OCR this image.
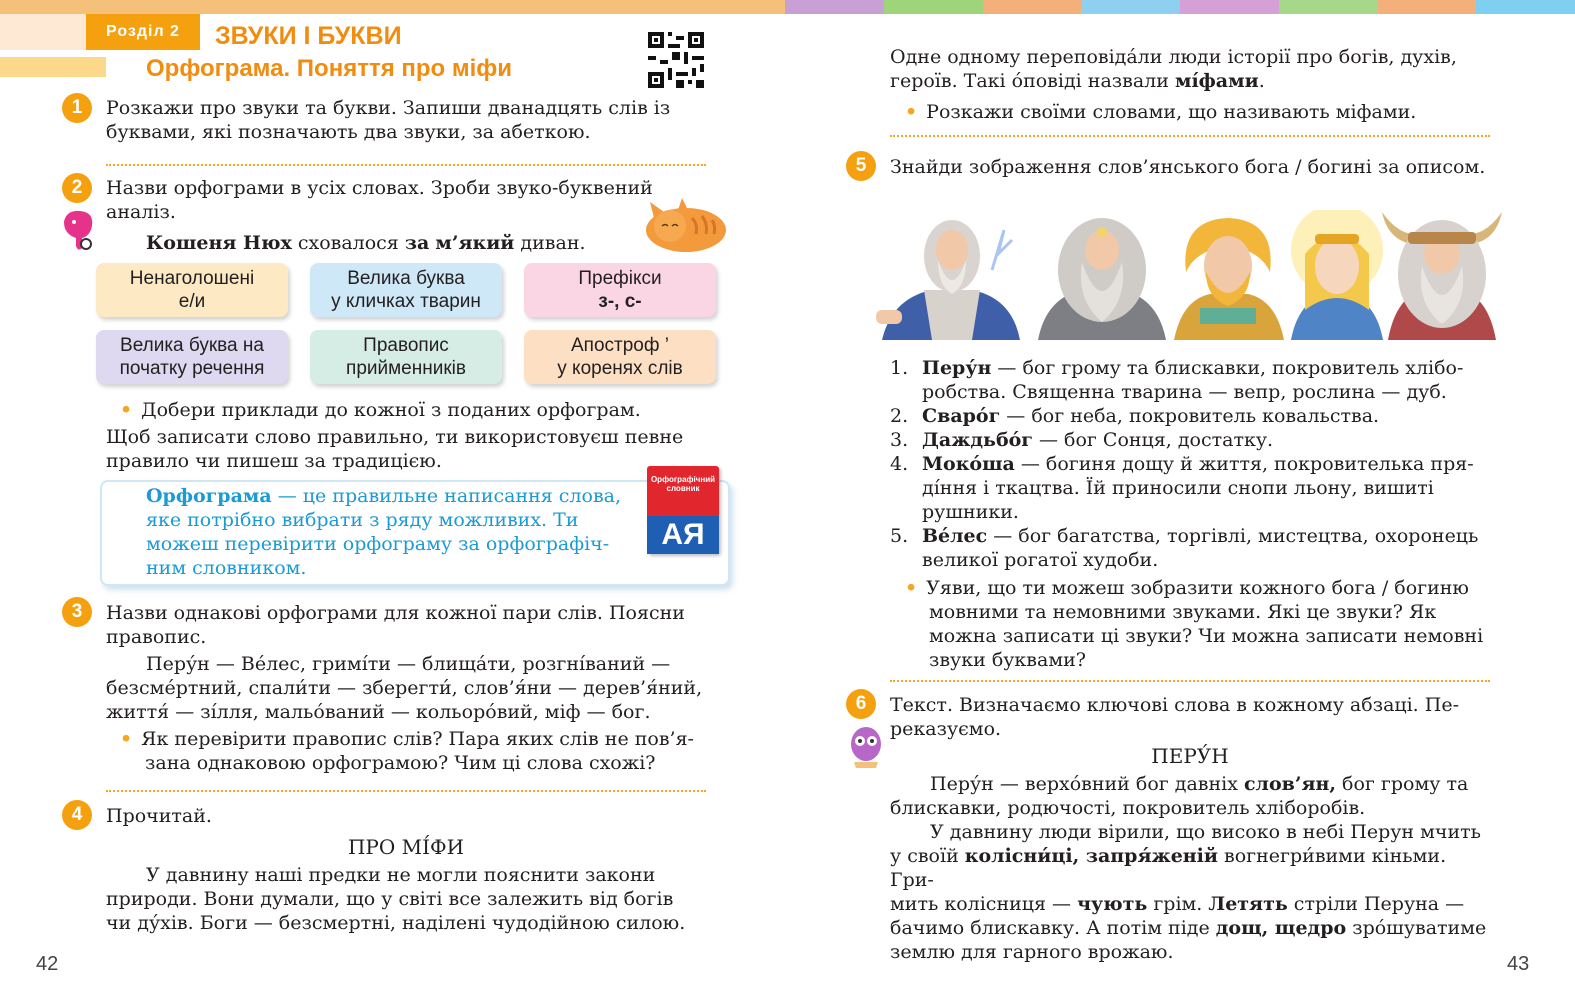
Розділ 2	ЗВУКИ І БУКВИ
Орфограма. Поняття про міфи
1	Розкажи про звуки та букви. Запиши дванадцять слів із
буквами, які позначають два звуки, за абеткою.
2	Назви орфограми в усіх словах. Зроби звуко-буквений
аналіз.
Кошеня Нюх сховалося за м’який диван.
Ненаголошені
е/и
Велика буква
у кличках тварин
Префікси
з-, с-
Велика буква на
початку речення
Правопис
прийменників
Апостроф ’
у коренях слів
• Добери приклади до кожної з поданих орфограм.
Щоб записати слово правильно, ти використовуєш певне
правило чи пишеш за традицією.
Орфограма — це правильне написання слова,
яке потрібно вибрати з ряду можливих. Ти
можеш перевірити орфограму за орфографіч-
ним словником.
Орфографічний
словник
АЯ
3	Назви однакові орфограми для кожної пари слів. Поясни
правопис.
Перу́н — Ве́лес, гримі́ти — блища́ти, розгні́ваний —
безсме́ртний, спали́ти — зберегти́, слов’я́ни — дерев’я́ний,
життя́ — зі́лля, мальо́ваний — кольоро́вий, міф — бог.
• Як перевірити правопис слів? Пара яких слів не пов’я-
зана однаковою орфограмою? Чим ці слова схожі?
4	Прочитай.
ПРО МІ́ФИ
У давнину наші предки не могли пояснити закони
природи. Вони думали, що у світі все залежить від богів
чи ду́хів. Боги — безсмертні, наділені чудодійною силою.
42
Одне одному переповіда́ли люди історії про богів, духів,
героїв. Такі о́повіді назвали мі́фами.
• Розкажи своїми словами, що називають міфами.
5	Знайди зображення слов’янського бога / богині за описом.
1. Перу́н — бог грому та блискавки, покровитель хлібо-
робства. Священна тварина — вепр, рослина — дуб.
2. Сваро́г — бог неба, покровитель ковальства.
3. Даждьбо́г — бог Сонця, достатку.
4. Моко́ша — богиня дощу й життя, покровителька пря-
ді́ння і ткацтва. Їй приносили снопи льону, вишиті
рушники.
5. Ве́лес — бог багатства, торгівлі, мистецтва, охоронець
великої рогатої худоби.
• Уяви, що ти можеш зобразити кожного бога / богиню
мовними та немовними звуками. Які це звуки? Як
можна записати ці звуки? Чи можна записати немовні
звуки буквами?
6	Текст. Визначаємо ключові слова в кожному абзаці. Пе-
реказуємо.
ПЕРУ́Н
Перу́н — верхо́вний бог давніх слов’ян, бог грому та
блискавки, родючості, покровитель хліборобів.
У давнину люди вірили, що високо в небі Перун мчить
у своїй колісни́ці, запря́женій вогнегри́вими кіньми. Гри-
мить колісниця — чують грім. Летять стріли Перуна —
бачимо блискавку. А потім піде дощ, щедро зро́шуватиме
землю для гарного врожаю.
43
